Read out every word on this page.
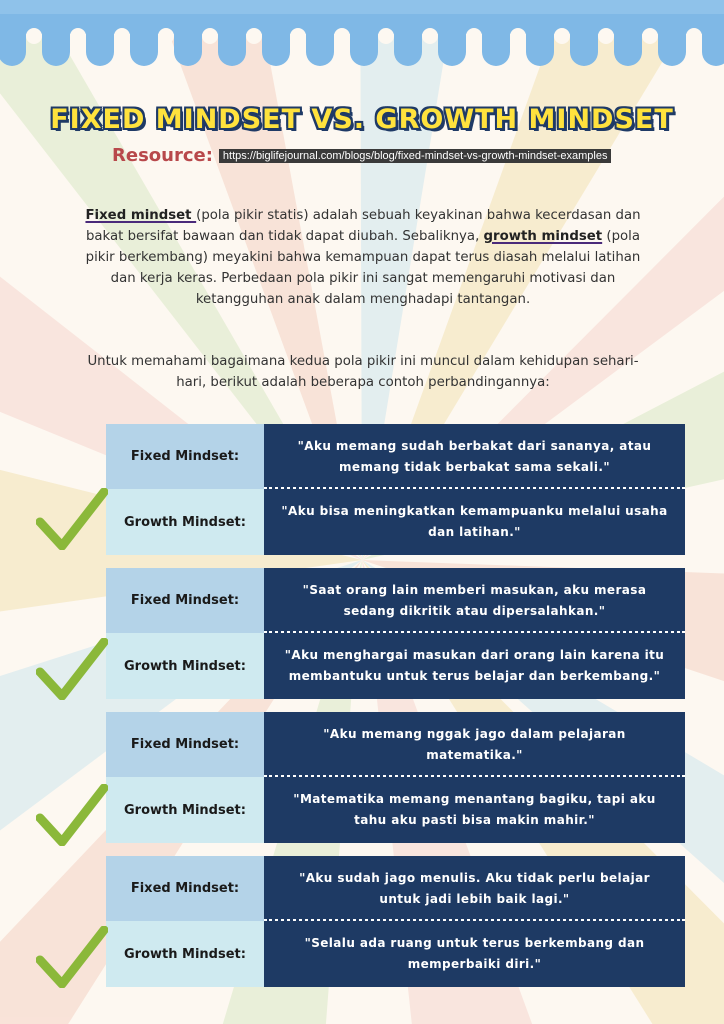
FIXED MINDSET VS. GROWTH MINDSET
Resource: https://biglifejournal.com/blogs/blog/fixed-mindset-vs-growth-mindset-examples
Fixed mindset (pola pikir statis) adalah sebuah keyakinan bahwa kecerdasan dan bakat bersifat bawaan dan tidak dapat diubah. Sebaliknya, growth mindset (pola pikir berkembang) meyakini bahwa kemampuan dapat terus diasah melalui latihan dan kerja keras. Perbedaan pola pikir ini sangat memengaruhi motivasi dan ketangguhan anak dalam menghadapi tantangan.
Untuk memahami bagaimana kedua pola pikir ini muncul dalam kehidupan sehari-hari, berikut adalah beberapa contoh perbandingannya:
Fixed Mindset:
"Aku memang sudah berbakat dari sananya, atau memang tidak berbakat sama sekali."
Growth Mindset:
"Aku bisa meningkatkan kemampuanku melalui usaha dan latihan."
Fixed Mindset:
"Saat orang lain memberi masukan, aku merasa sedang dikritik atau dipersalahkan."
Growth Mindset:
"Aku menghargai masukan dari orang lain karena itu membantuku untuk terus belajar dan berkembang."
Fixed Mindset:
"Aku memang nggak jago dalam pelajaran matematika."
Growth Mindset:
"Matematika memang menantang bagiku, tapi aku tahu aku pasti bisa makin mahir."
Fixed Mindset:
"Aku sudah jago menulis. Aku tidak perlu belajar untuk jadi lebih baik lagi."
Growth Mindset:
"Selalu ada ruang untuk terus berkembang dan memperbaiki diri."
